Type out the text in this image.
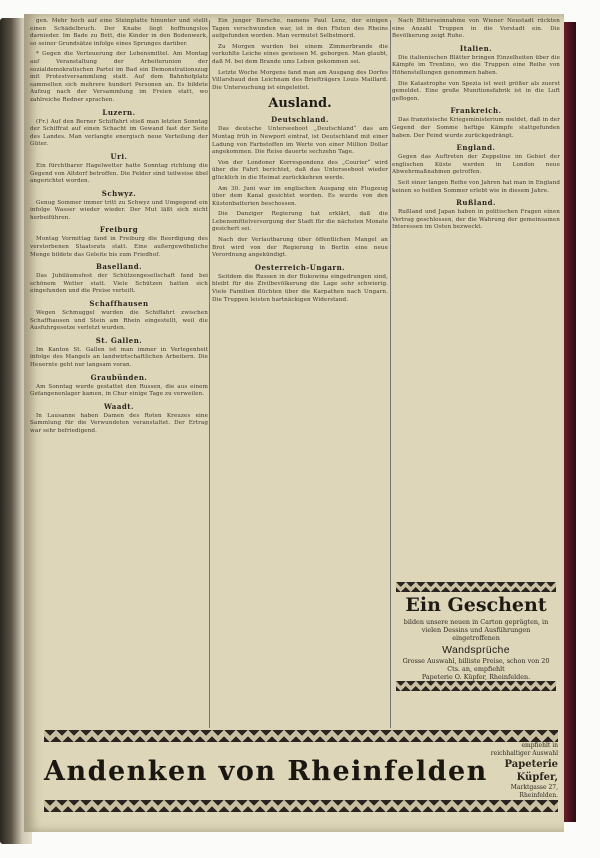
gen. Mehr hoch auf eine Steinplatte hinunter und stellt einen Schädelbruch. Der Knabe liegt hoffnungslos darnieder. Im Bade zu Bett, die Kinder in den Bodenwerk, so seiner Grundsätze infolge eines Sprunges darüber.

* Gegen die Verteuerung der Lebensmittel. Am Montag auf Veranstaltung der Arbeiterunion der sozialdemokratischen Partei im Bad ein Demonstrationszug mit Protestversammlung statt. Auf dem Bahnhofplatz sammelten sich mehrere hundert Personen an. Es bildete Aufzug nach der Versammlung im Freien statt, wo zahlreiche Redner sprachen.

Luzern.

(Fr.) Auf den Berner Schiffahrt stieß man letzten Sonntag der Schiffrat auf einen Schacht im Gewand fast der Seite des Landes. Man verlangte energisch neue Verteilung der Güter.

Uri.

Ein fürchtbarer Hagelwetter hatte Sonntag richtung die Gegend von Altdorf betroffen. Die Felder sind teilweise übel angerichtet worden.

Schwyz.

Genug Sommer immer tritt zu Schwyz und Umgegend ein infolge Wasser wieder wieder. Der Mut läßt sich nicht herbeiführen.

Freiburg

Montag Vormittag fand in Freiburg die Beerdigung des verstorbenen Staatsrats statt. Eine außergewöhnliche Menge bildete das Geleite bis zum Friedhof.

Baselland.

Das Jubiläumsfest der Schützengesellschaft fand bei schönem Wetter statt. Viele Schützen hatten sich eingefunden und die Preise verteilt.

Schaffhausen

Wegen Schmuggel wurden die Schiffahrt zwischen Schaffhausen und Stein am Rhein eingestellt, weil die Ausfuhrgesetze verletzt wurden.

St. Gallen.

Im Kanton St. Gallen ist man immer in Verlegenheit infolge des Mangels an landwirtschaftlichen Arbeitern. Die Heuernte geht nur langsam voran.

Graubünden.

Am Sonntag wurde gestattet den Russen, die aus einem Gefangenenlager kamen, in Chur einige Tage zu verweilen.

Waadt.

In Lausanne haben Damen des Roten Kreuzes eine Sammlung für die Verwundeten veranstaltet. Der Ertrag war sehr befriedigend.

Ein junger Bursche, namens Paul Lenz, der einigen Tagen verschwunden war, ist in den Fluten des Rheins aufgefunden worden. Man vermutet Selbstmord.

Zu Morgen wurden bei einem Zimmerbrande die verkohlte Leiche eines gewissen M. geborgen. Man glaubt, daß M. bei dem Brande ums Leben gekommen sei.

Letzte Woche Morgens fand man am Ausgang des Dorfes Villarsbaud den Leichnam des Briefträgers Louis Maillard. Die Untersuchung ist eingeleitet.

Ausland.
Deutschland.

Das deutsche Unterseeboot „Deutschland“ das am Montag früh in Newport eintraf, ist Deutschland mit einer Ladung von Farbstoffen im Werte von einer Million Dollar angekommen. Die Reise dauerte sechzehn Tage.

Von der Londoner Korrespondenz des „Courier“ wird über die Fahrt berichtet, daß das Unterseeboot wieder glücklich in die Heimat zurückkehren werde.

Am 30. Juni war im englischen Ausgang ein Flugzeug über dem Kanal gesichtet worden. Es wurde von den Küstenbatterien beschossen.

Die Danziger Regierung hat erklärt, daß die Lebensmittelversorgung der Stadt für die nächsten Monate gesichert sei.

Nach der Verlautbarung über öffentlichen Mangel an Brot wird von der Regierung in Berlin eine neue Verordnung angekündigt.

Oesterreich-Ungarn.

Seitdem die Russen in der Bukowina eingedrungen sind, bleibt für die Zivilbevölkerung die Lage sehr schwierig. Viele Familien flüchten über die Karpathen nach Ungarn. Die Truppen leisten hartnäckigen Widerstand.

Nach Bitterseinnahme von Wiener Neustadt rückten eine Anzahl Truppen in die Vorstadt ein. Die Bevölkerung zeigt Ruhe.

Italien.

Die italienischen Blätter bringen Einzelheiten über die Kämpfe im Trentino, wo die Truppen eine Reihe von Höhenstellungen genommen haben.

Die Katastrophe von Spezia ist weit größer als zuerst gemeldet. Eine große Munitionsfabrik ist in die Luft geflogen.

Frankreich.

Das französische Kriegsministerium meldet, daß in der Gegend der Somme heftige Kämpfe stattgefunden haben. Der Feind wurde zurückgedrängt.

England.

Gegen das Auftreten der Zeppeline im Gebiet der englischen Küste werden in London neue Abwehrmaßnahmen getroffen.

Seit einer langen Reihe von Jahren hat man in England keinen so heißen Sommer erlebt wie in diesem Jahre.

Rußland.

Rußland und Japan haben in politischen Fragen einen Vertrag geschlossen, der die Wahrung der gemeinsamen Interessen im Osten bezweckt.

Ein Geschent
bilden unsere neuen in Carton geprägten, in vielen Dessins und Ausführungen eingetroffenen
Wandsprüche
Grosse Auswahl, billiste Preise, schon von 20 Cts. an, empfiehlt
Papeterie O. Küpfer, Rheinfelden.
Andenken von Rheinfelden
empfiehlt in reichhaltiger Auswahl
Papeterie Küpfer,
Marktgasse 27, Rheinfelden.
